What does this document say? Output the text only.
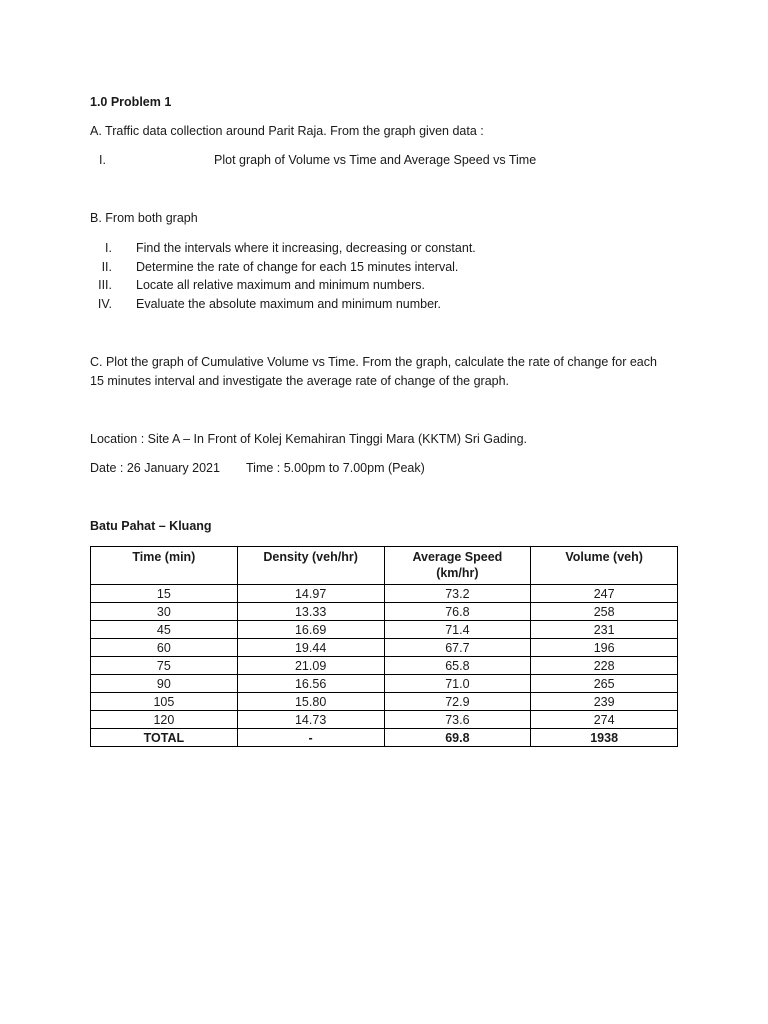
1.0 Problem 1
A. Traffic data collection around Parit Raja. From the graph given data :
I.	Plot graph of Volume vs Time and Average Speed vs Time
B. From both graph
I. Find the intervals where it increasing, decreasing or constant.
II. Determine the rate of change for each 15 minutes interval.
III. Locate all relative maximum and minimum numbers.
IV. Evaluate the absolute maximum and minimum number.
C. Plot the graph of Cumulative Volume vs Time. From the graph, calculate the rate of change for each
15 minutes interval and investigate the average rate of change of the graph.
Location : Site A – In Front of Kolej Kemahiran Tinggi Mara (KKTM) Sri Gading.
Date : 26 January 2021 Time : 5.00pm to 7.00pm (Peak)
Batu Pahat – Kluang
Time (min)	Density (veh/hr)	Average Speed
(km/hr)	Volume (veh)
15	14.97	73.2	247
30	13.33	76.8	258
45	16.69	71.4	231
60	19.44	67.7	196
75	21.09	65.8	228
90	16.56	71.0	265
105	15.80	72.9	239
120	14.73	73.6	274
TOTAL	-	69.8	1938
